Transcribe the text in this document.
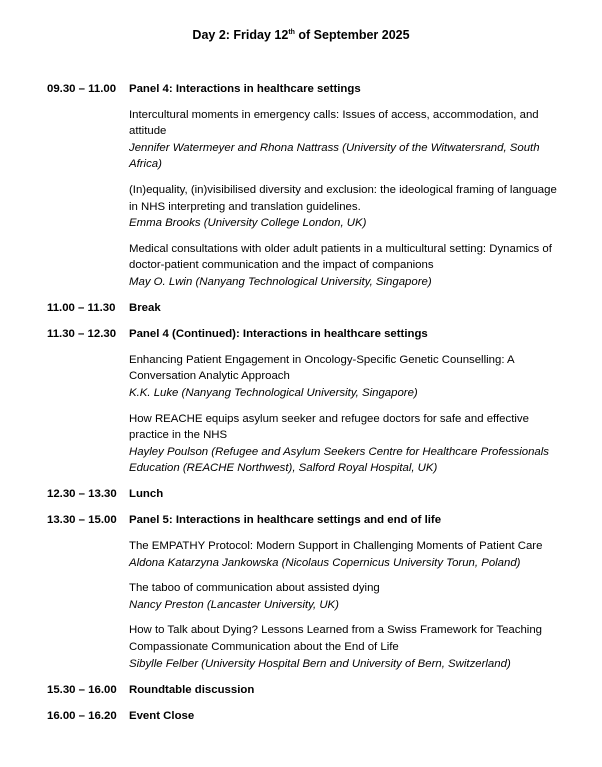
Day 2: Friday 12th of September 2025
09.30 – 11.00	Panel 4: Interactions in healthcare settings
Intercultural moments in emergency calls: Issues of access, accommodation, and attitude
Jennifer Watermeyer and Rhona Nattrass (University of the Witwatersrand, South Africa)
(In)equality, (in)visibilised diversity and exclusion: the ideological framing of language in NHS interpreting and translation guidelines.
Emma Brooks (University College London, UK)
Medical consultations with older adult patients in a multicultural setting: Dynamics of doctor-patient communication and the impact of companions
May O. Lwin (Nanyang Technological University, Singapore)
11.00 – 11.30	Break
11.30 – 12.30	Panel 4 (Continued): Interactions in healthcare settings
Enhancing Patient Engagement in Oncology-Specific Genetic Counselling: A Conversation Analytic Approach
K.K. Luke (Nanyang Technological University, Singapore)
How REACHE equips asylum seeker and refugee doctors for safe and effective practice in the NHS
Hayley Poulson (Refugee and Asylum Seekers Centre for Healthcare Professionals Education (REACHE Northwest), Salford Royal Hospital, UK)
12.30 – 13.30	Lunch
13.30 – 15.00	Panel 5: Interactions in healthcare settings and end of life
The EMPATHY Protocol: Modern Support in Challenging Moments of Patient Care
Aldona Katarzyna Jankowska (Nicolaus Copernicus University Torun, Poland)
The taboo of communication about assisted dying
Nancy Preston (Lancaster University, UK)
How to Talk about Dying? Lessons Learned from a Swiss Framework for Teaching Compassionate Communication about the End of Life
Sibylle Felber (University Hospital Bern and University of Bern, Switzerland)
15.30 – 16.00	Roundtable discussion
16.00 – 16.20	Event Close
